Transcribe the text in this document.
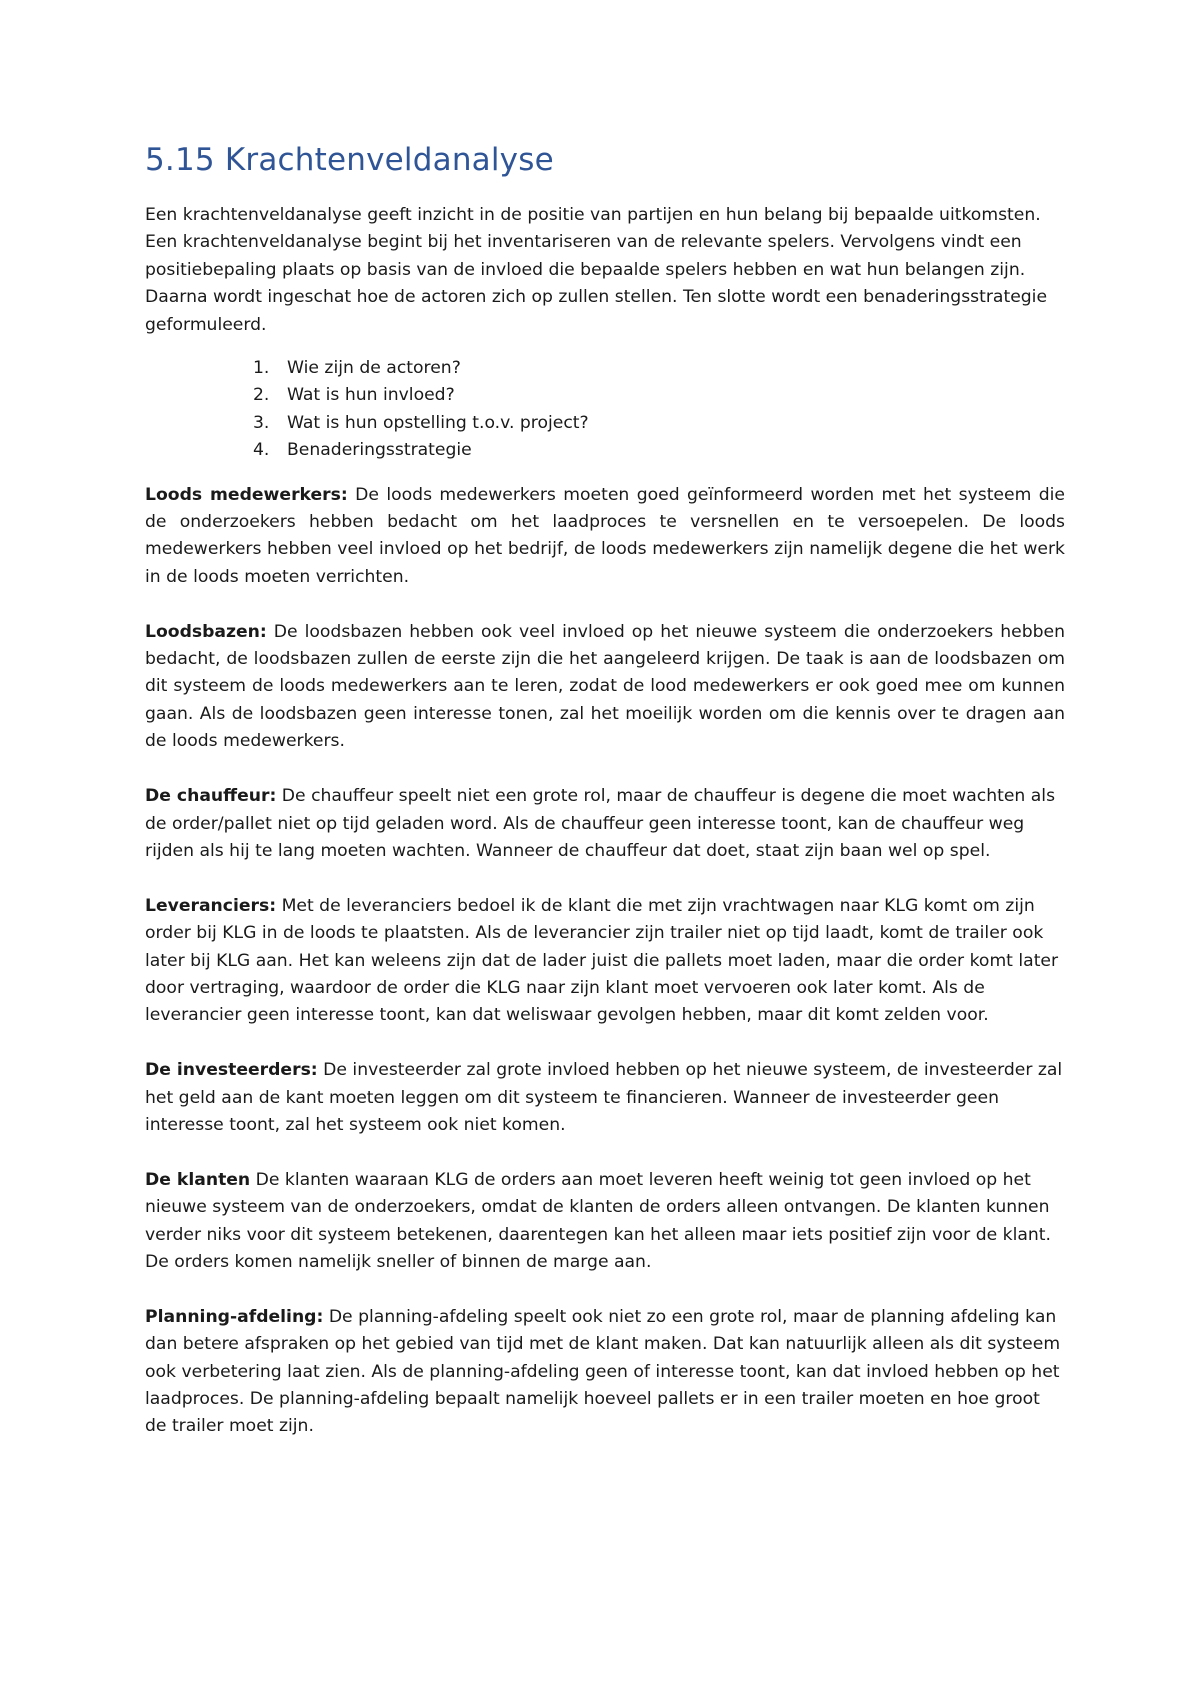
5.15 Krachtenveldanalyse

Een krachtenveldanalyse geeft inzicht in de positie van partijen en hun belang bij bepaalde uitkomsten. Een krachtenveldanalyse begint bij het inventariseren van de relevante spelers. Vervolgens vindt een positiebepaling plaats op basis van de invloed die bepaalde spelers hebben en wat hun belangen zijn. Daarna wordt ingeschat hoe de actoren zich op zullen stellen. Ten slotte wordt een benaderingsstrategie geformuleerd.

1.	Wie zijn de actoren?
2.	Wat is hun invloed?
3.	Wat is hun opstelling t.o.v. project?
4.	Benaderingsstrategie

Loods medewerkers: De loods medewerkers moeten goed geïnformeerd worden met het systeem die de onderzoekers hebben bedacht om het laadproces te versnellen en te versoepelen. De loods medewerkers hebben veel invloed op het bedrijf, de loods medewerkers zijn namelijk degene die het werk in de loods moeten verrichten.

Loodsbazen: De loodsbazen hebben ook veel invloed op het nieuwe systeem die onderzoekers hebben bedacht, de loodsbazen zullen de eerste zijn die het aangeleerd krijgen. De taak is aan de loodsbazen om dit systeem de loods medewerkers aan te leren, zodat de lood medewerkers er ook goed mee om kunnen gaan. Als de loodsbazen geen interesse tonen, zal het moeilijk worden om die kennis over te dragen aan de loods medewerkers.

De chauffeur: De chauffeur speelt niet een grote rol, maar de chauffeur is degene die moet wachten als de order/pallet niet op tijd geladen word. Als de chauffeur geen interesse toont, kan de chauffeur weg rijden als hij te lang moeten wachten. Wanneer de chauffeur dat doet, staat zijn baan wel op spel.

Leveranciers: Met de leveranciers bedoel ik de klant die met zijn vrachtwagen naar KLG komt om zijn order bij KLG in de loods te plaatsten. Als de leverancier zijn trailer niet op tijd laadt, komt de trailer ook later bij KLG aan. Het kan weleens zijn dat de lader juist die pallets moet laden, maar die order komt later door vertraging, waardoor de order die KLG naar zijn klant moet vervoeren ook later komt. Als de leverancier geen interesse toont, kan dat weliswaar gevolgen hebben, maar dit komt zelden voor.

De investeerders: De investeerder zal grote invloed hebben op het nieuwe systeem, de investeerder zal het geld aan de kant moeten leggen om dit systeem te financieren. Wanneer de investeerder geen interesse toont, zal het systeem ook niet komen.

De klanten De klanten waaraan KLG de orders aan moet leveren heeft weinig tot geen invloed op het nieuwe systeem van de onderzoekers, omdat de klanten de orders alleen ontvangen. De klanten kunnen verder niks voor dit systeem betekenen, daarentegen kan het alleen maar iets positief zijn voor de klant. De orders komen namelijk sneller of binnen de marge aan.

Planning-afdeling: De planning-afdeling speelt ook niet zo een grote rol, maar de planning afdeling kan dan betere afspraken op het gebied van tijd met de klant maken. Dat kan natuurlijk alleen als dit systeem ook verbetering laat zien. Als de planning-afdeling geen of interesse toont, kan dat invloed hebben op het laadproces. De planning-afdeling bepaalt namelijk hoeveel pallets er in een trailer moeten en hoe groot de trailer moet zijn.
